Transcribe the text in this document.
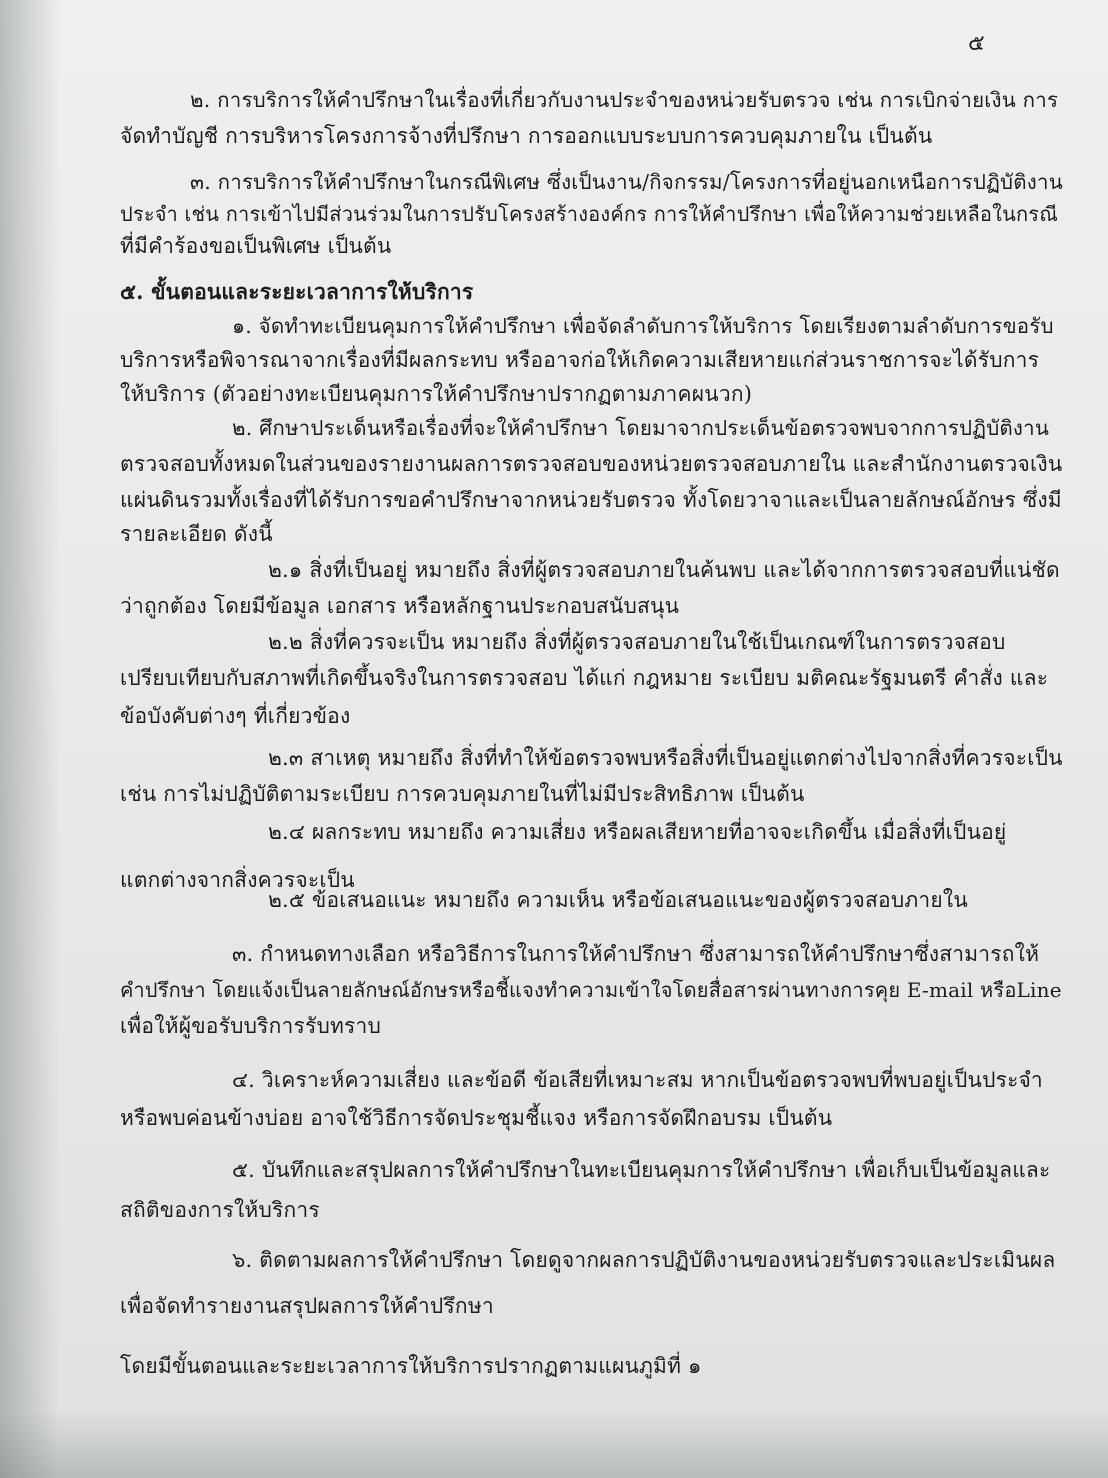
๕
๒. การบริการให้คำปรึกษาในเรื่องที่เกี่ยวกับงานประจำของหน่วยรับตรวจ เช่น การเบิกจ่ายเงิน การ
จัดทำบัญชี การบริหารโครงการจ้างที่ปรึกษา การออกแบบระบบการควบคุมภายใน เป็นต้น
๓. การบริการให้คำปรึกษาในกรณีพิเศษ ซึ่งเป็นงาน/กิจกรรม/โครงการที่อยู่นอกเหนือการปฏิบัติงาน
ประจำ เช่น การเข้าไปมีส่วนร่วมในการปรับโครงสร้างองค์กร การให้คำปรึกษา เพื่อให้ความช่วยเหลือในกรณี
ที่มีคำร้องขอเป็นพิเศษ เป็นต้น
๕. ขั้นตอนและระยะเวลาการให้บริการ
๑. จัดทำทะเบียนคุมการให้คำปรึกษา เพื่อจัดลำดับการให้บริการ โดยเรียงตามลำดับการขอรับ
บริการหรือพิจารณาจากเรื่องที่มีผลกระทบ หรืออาจก่อให้เกิดความเสียหายแก่ส่วนราชการจะได้รับการ
ให้บริการ (ตัวอย่างทะเบียนคุมการให้คำปรึกษาปรากฏตามภาคผนวก)
๒. ศึกษาประเด็นหรือเรื่องที่จะให้คำปรึกษา โดยมาจากประเด็นข้อตรวจพบจากการปฏิบัติงาน
ตรวจสอบทั้งหมดในส่วนของรายงานผลการตรวจสอบของหน่วยตรวจสอบภายใน และสำนักงานตรวจเงิน
แผ่นดินรวมทั้งเรื่องที่ได้รับการขอคำปรึกษาจากหน่วยรับตรวจ ทั้งโดยวาจาและเป็นลายลักษณ์อักษร ซึ่งมี
รายละเอียด ดังนี้
๒.๑ สิ่งที่เป็นอยู่ หมายถึง สิ่งที่ผู้ตรวจสอบภายในค้นพบ และได้จากการตรวจสอบที่แน่ชัด
ว่าถูกต้อง โดยมีข้อมูล เอกสาร หรือหลักฐานประกอบสนับสนุน
๒.๒ สิ่งที่ควรจะเป็น หมายถึง สิ่งที่ผู้ตรวจสอบภายในใช้เป็นเกณฑ์ในการตรวจสอบ
เปรียบเทียบกับสภาพที่เกิดขึ้นจริงในการตรวจสอบ ได้แก่ กฎหมาย ระเบียบ มติคณะรัฐมนตรี คำสั่ง และ
ข้อบังคับต่างๆ ที่เกี่ยวข้อง
๒.๓ สาเหตุ หมายถึง สิ่งที่ทำให้ข้อตรวจพบหรือสิ่งที่เป็นอยู่แตกต่างไปจากสิ่งที่ควรจะเป็น
เช่น การไม่ปฏิบัติตามระเบียบ การควบคุมภายในที่ไม่มีประสิทธิภาพ เป็นต้น
๒.๔ ผลกระทบ หมายถึง ความเสี่ยง หรือผลเสียหายที่อาจจะเกิดขึ้น เมื่อสิ่งที่เป็นอยู่
แตกต่างจากสิ่งควรจะเป็น
๒.๕ ข้อเสนอแนะ หมายถึง ความเห็น หรือข้อเสนอแนะของผู้ตรวจสอบภายใน
๓. กำหนดทางเลือก หรือวิธีการในการให้คำปรึกษา ซึ่งสามารถให้คำปรึกษาซึ่งสามารถให้
คำปรึกษา โดยแจ้งเป็นลายลักษณ์อักษรหรือชี้แจงทำความเข้าใจโดยสื่อสารผ่านทางการคุย E-mail หรือLine
เพื่อให้ผู้ขอรับบริการรับทราบ
๔. วิเคราะห์ความเสี่ยง และข้อดี ข้อเสียที่เหมาะสม หากเป็นข้อตรวจพบที่พบอยู่เป็นประจำ
หรือพบค่อนข้างบ่อย อาจใช้วิธีการจัดประชุมชี้แจง หรือการจัดฝึกอบรม เป็นต้น
๕. บันทึกและสรุปผลการให้คำปรึกษาในทะเบียนคุมการให้คำปรึกษา เพื่อเก็บเป็นข้อมูลและ
สถิติของการให้บริการ
๖. ติดตามผลการให้คำปรึกษา โดยดูจากผลการปฏิบัติงานของหน่วยรับตรวจและประเมินผล
เพื่อจัดทำรายงานสรุปผลการให้คำปรึกษา
โดยมีขั้นตอนและระยะเวลาการให้บริการปรากฏตามแผนภูมิที่ ๑
